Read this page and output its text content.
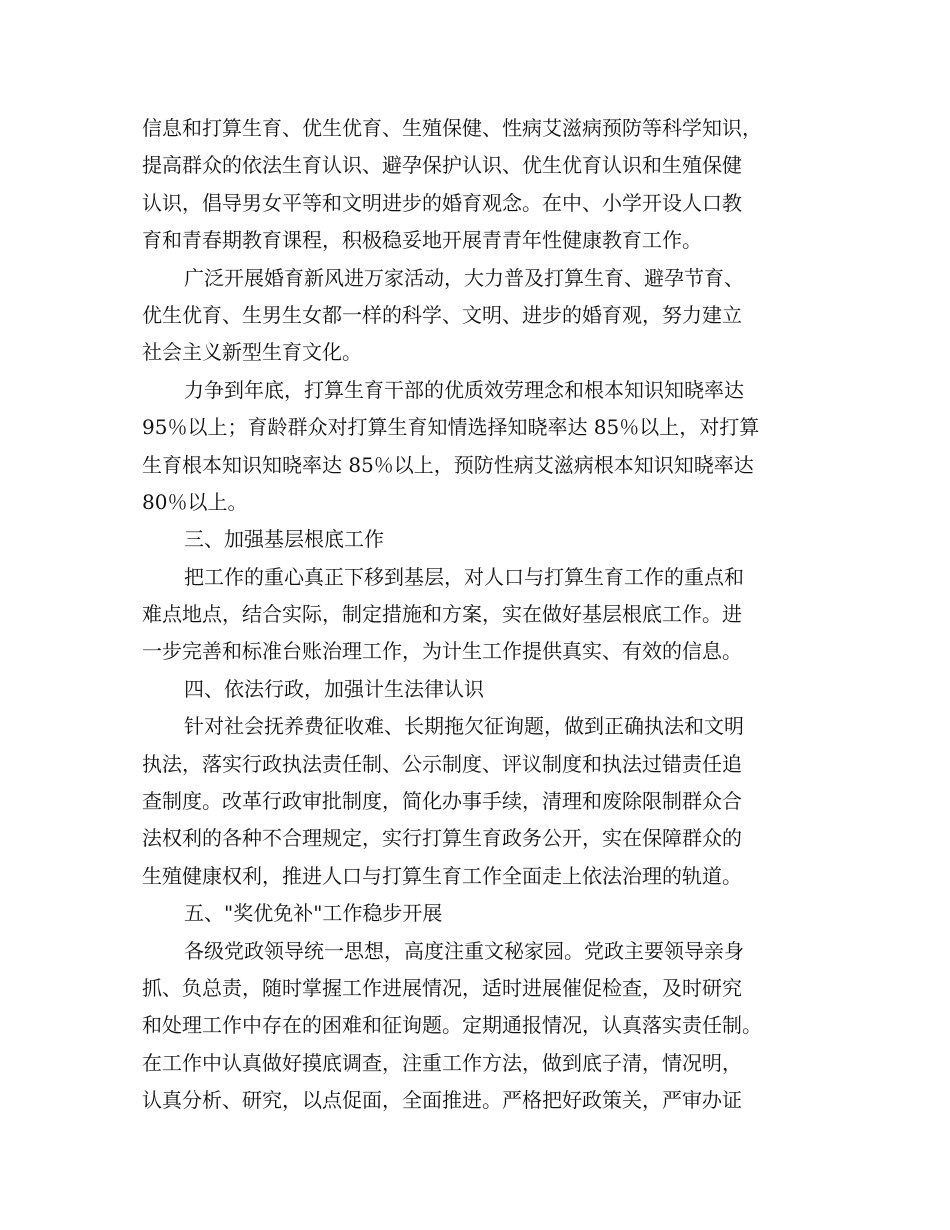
信息和打算生育、优生优育、生殖保健、性病艾滋病预防等科学知识，
提高群众的依法生育认识、避孕保护认识、优生优育认识和生殖保健
认识，倡导男女平等和文明进步的婚育观念。在中、小学开设人口教
育和青春期教育课程，积极稳妥地开展青青年性健康教育工作。
广泛开展婚育新风进万家活动，大力普及打算生育、避孕节育、
优生优育、生男生女都一样的科学、文明、进步的婚育观，努力建立
社会主义新型生育文化。
力争到年底，打算生育干部的优质效劳理念和根本知识知晓率达
95％以上；育龄群众对打算生育知情选择知晓率达 85％以上，对打算
生育根本知识知晓率达 85％以上，预防性病艾滋病根本知识知晓率达
80％以上。
三、加强基层根底工作
把工作的重心真正下移到基层，对人口与打算生育工作的重点和
难点地点，结合实际，制定措施和方案，实在做好基层根底工作。进
一步完善和标准台账治理工作，为计生工作提供真实、有效的信息。
四、依法行政，加强计生法律认识
针对社会抚养费征收难、长期拖欠征询题，做到正确执法和文明
执法，落实行政执法责任制、公示制度、评议制度和执法过错责任追
查制度。改革行政审批制度，简化办事手续，清理和废除限制群众合
法权利的各种不合理规定，实行打算生育政务公开，实在保障群众的
生殖健康权利，推进人口与打算生育工作全面走上依法治理的轨道。
五、"奖优免补"工作稳步开展
各级党政领导统一思想，高度注重文秘家园。党政主要领导亲身
抓、负总责，随时掌握工作进展情况，适时进展催促检查，及时研究
和处理工作中存在的困难和征询题。定期通报情况，认真落实责任制。
在工作中认真做好摸底调查，注重工作方法，做到底子清，情况明，
认真分析、研究，以点促面，全面推进。严格把好政策关，严审办证
